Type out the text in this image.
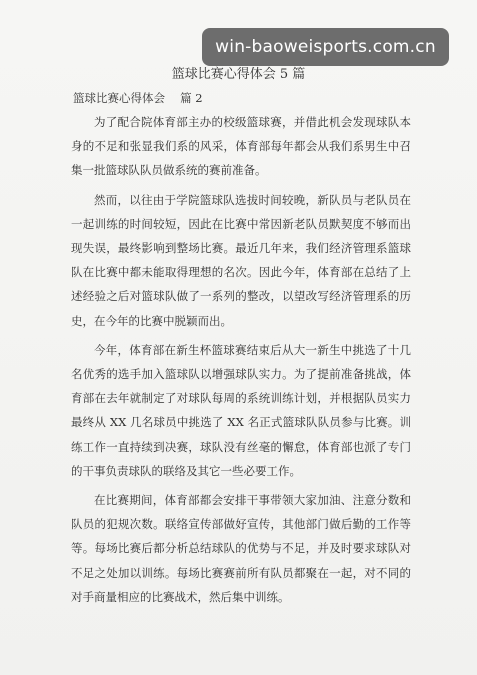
win-baoweisports.com.cn
篮球比赛心得体会 5 篇
篮球比赛心得体会　 篇 2

为了配合院体育部主办的校级篮球赛，并借此机会发现球队本身的不足和张显我们系的风采，体育部每年都会从我们系男生中召集一批篮球队队员做系统的赛前准备。

然而，以往由于学院篮球队选拔时间较晚，新队员与老队员在一起训练的时间较短，因此在比赛中常因新老队员默契度不够而出现失误，最终影响到整场比赛。最近几年来，我们经济管理系篮球队在比赛中都未能取得理想的名次。因此今年，体育部在总结了上述经验之后对篮球队做了一系列的整改，以望改写经济管理系的历史，在今年的比赛中脱颖而出。

今年，体育部在新生杯篮球赛结束后从大一新生中挑选了十几名优秀的选手加入篮球队以增强球队实力。为了提前准备挑战，体育部在去年就制定了对球队每周的系统训练计划，并根据队员实力最终从 XX 几名球员中挑选了 XX 名正式篮球队队员参与比赛。训练工作一直持续到决赛，球队没有丝毫的懈怠，体育部也派了专门的干事负责球队的联络及其它一些必要工作。

在比赛期间，体育部都会安排干事带领大家加油、注意分数和队员的犯规次数。联络宣传部做好宣传，其他部门做后勤的工作等等。每场比赛后都分析总结球队的优势与不足，并及时要求球队对不足之处加以训练。每场比赛赛前所有队员都聚在一起，对不同的对手商量相应的比赛战术，然后集中训练。
